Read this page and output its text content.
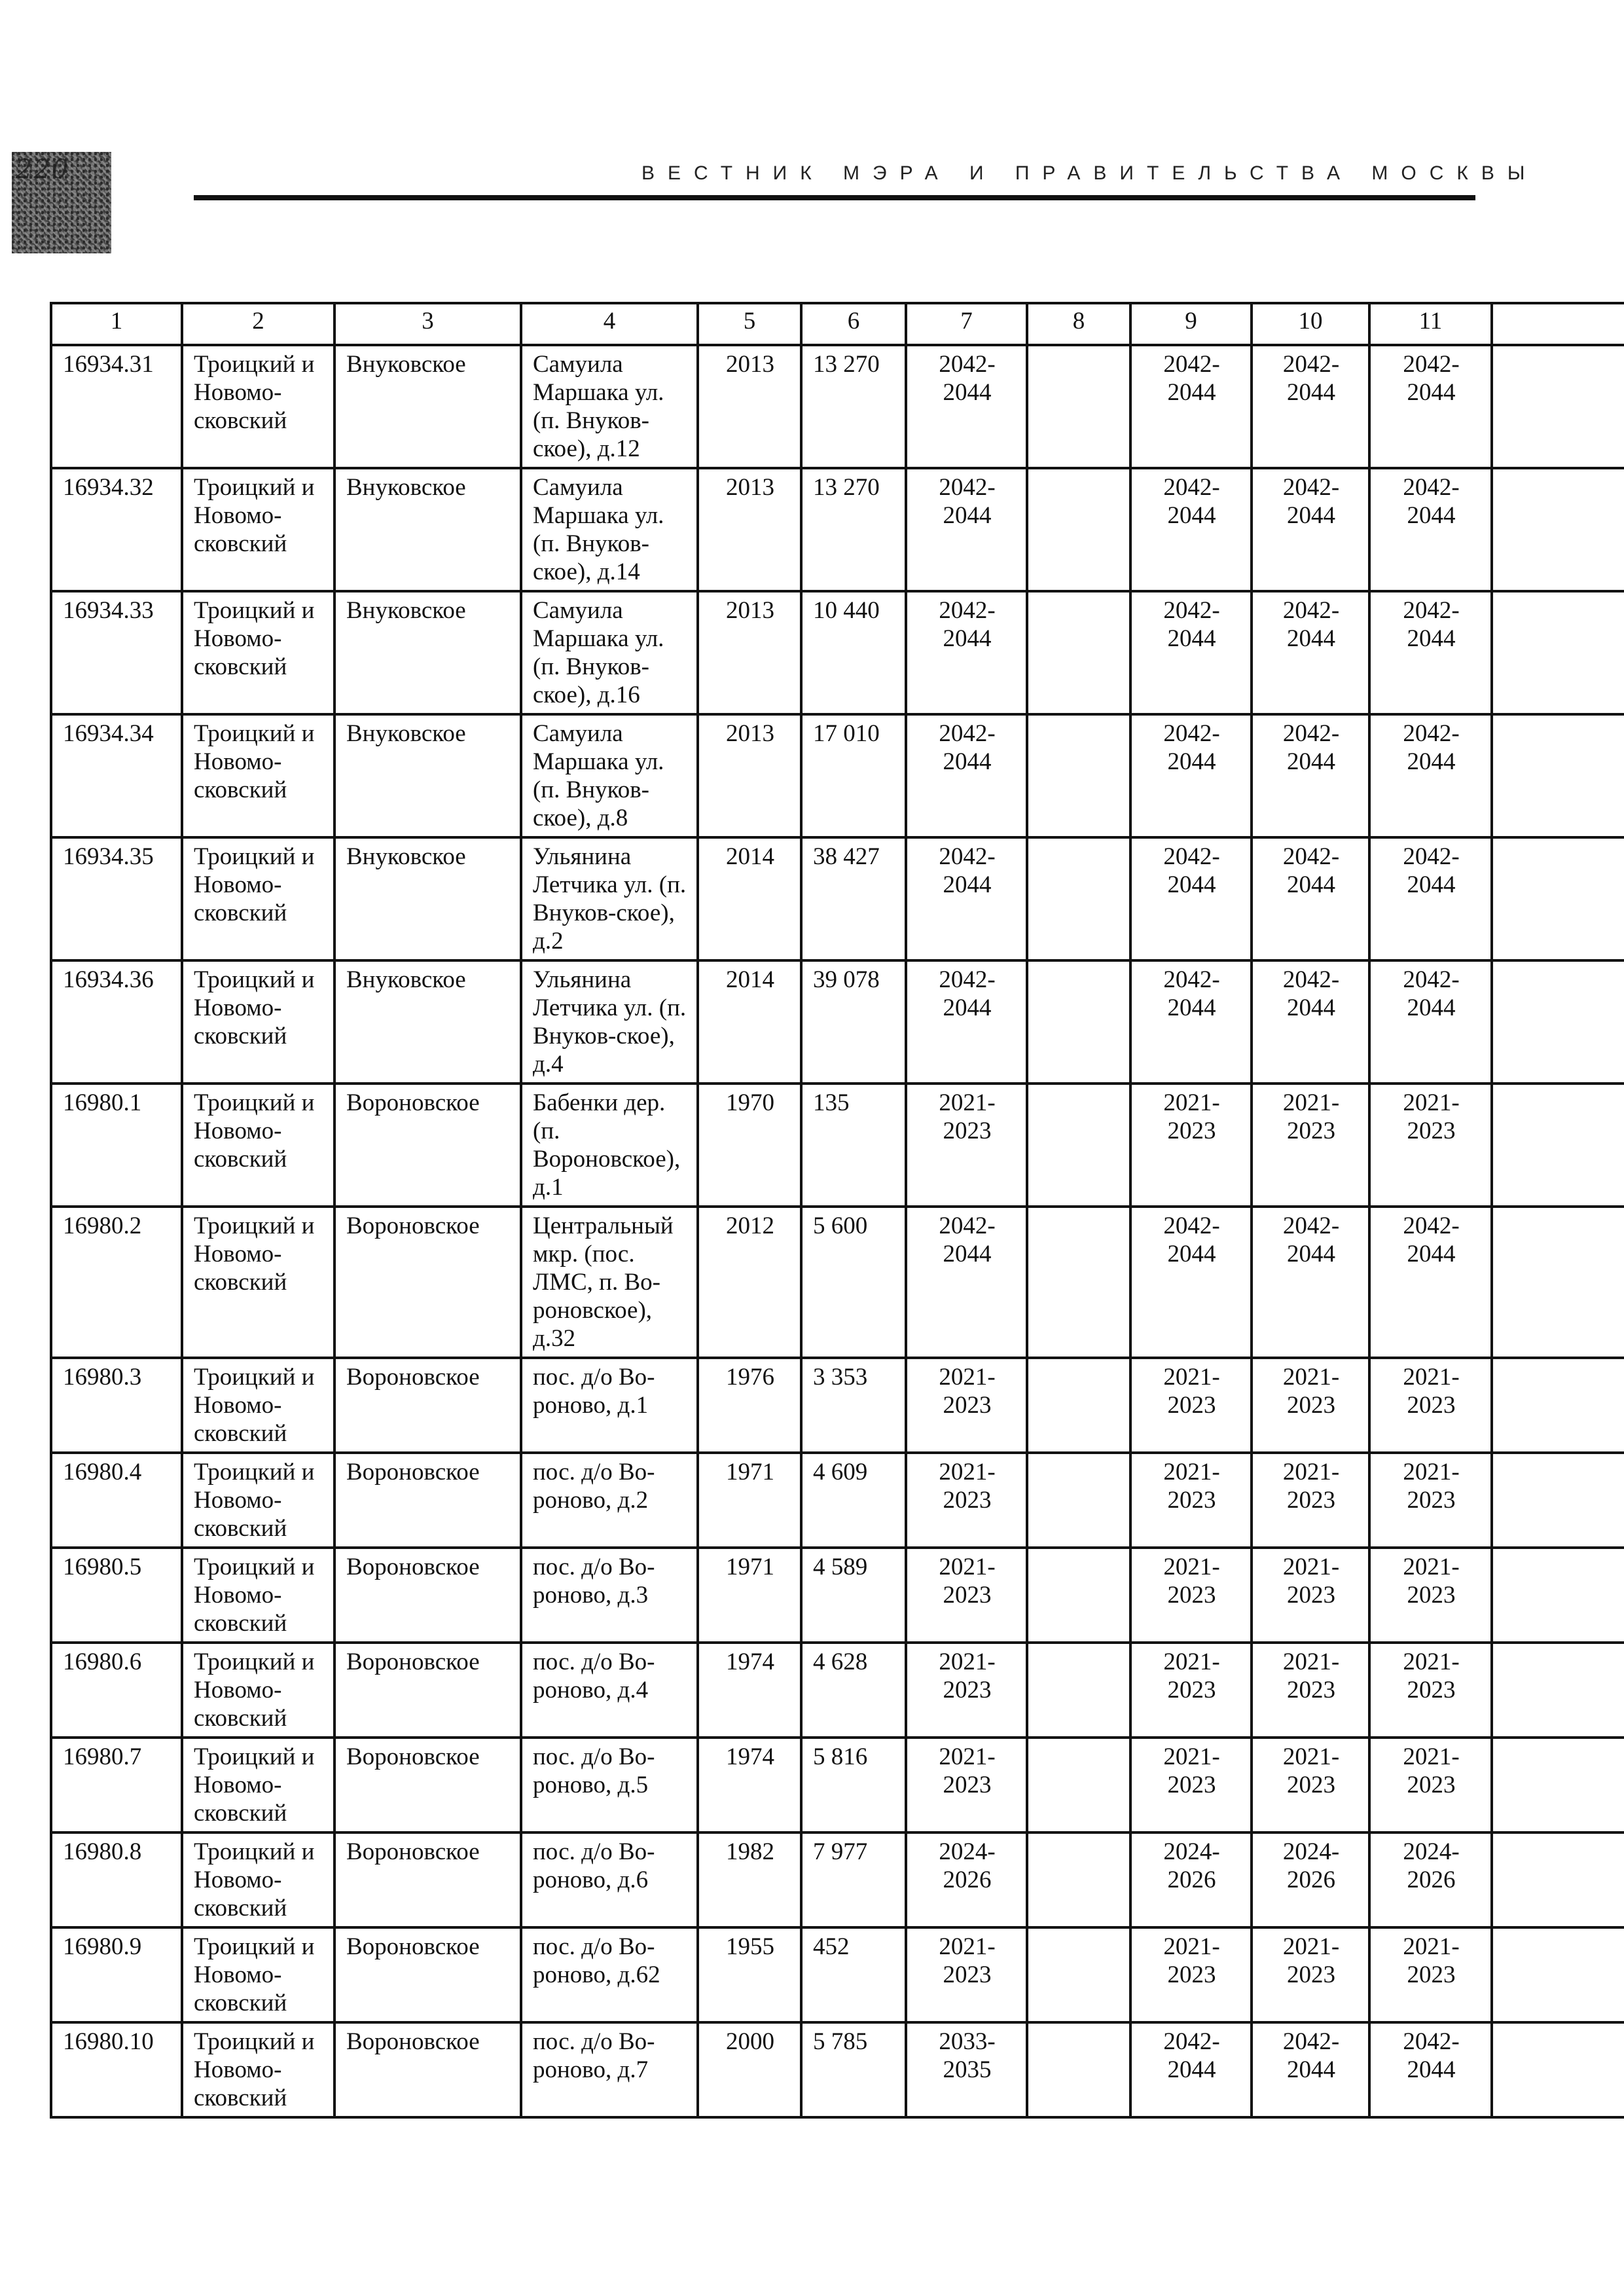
220	ВЕСТНИК МЭРА И ПРАВИТЕЛЬСТВА МОСКВЫ
1	2	3	4	5	6	7	8	9	10	11	
16934.31	Троицкий и Новомо-сковский	Внуковское	Самуила Маршака ул. (п. Внуков-ское), д.12	2013	13 270	2042-2044		2042-2044	2042-2044	2042-2044	
16934.32	Троицкий и Новомо-сковский	Внуковское	Самуила Маршака ул. (п. Внуков-ское), д.14	2013	13 270	2042-2044		2042-2044	2042-2044	2042-2044	
16934.33	Троицкий и Новомо-сковский	Внуковское	Самуила Маршака ул. (п. Внуков-ское), д.16	2013	10 440	2042-2044		2042-2044	2042-2044	2042-2044	
16934.34	Троицкий и Новомо-сковский	Внуковское	Самуила Маршака ул. (п. Внуков-ское), д.8	2013	17 010	2042-2044		2042-2044	2042-2044	2042-2044	
16934.35	Троицкий и Новомо-сковский	Внуковское	Ульянина Летчика ул. (п. Внуков-ское), д.2	2014	38 427	2042-2044		2042-2044	2042-2044	2042-2044	
16934.36	Троицкий и Новомо-сковский	Внуковское	Ульянина Летчика ул. (п. Внуков-ское), д.4	2014	39 078	2042-2044		2042-2044	2042-2044	2042-2044	
16980.1	Троицкий и Новомо-сковский	Вороновское	Бабенки дер. (п. Вороновское), д.1	1970	135	2021-2023		2021-2023	2021-2023	2021-2023	
16980.2	Троицкий и Новомо-сковский	Вороновское	Центральный мкр. (пос. ЛМС, п. Во-роновское), д.32	2012	5 600	2042-2044		2042-2044	2042-2044	2042-2044	
16980.3	Троицкий и Новомо-сковский	Вороновское	пос. д/о Во-роново, д.1	1976	3 353	2021-2023		2021-2023	2021-2023	2021-2023	
16980.4	Троицкий и Новомо-сковский	Вороновское	пос. д/о Во-роново, д.2	1971	4 609	2021-2023		2021-2023	2021-2023	2021-2023	
16980.5	Троицкий и Новомо-сковский	Вороновское	пос. д/о Во-роново, д.3	1971	4 589	2021-2023		2021-2023	2021-2023	2021-2023	
16980.6	Троицкий и Новомо-сковский	Вороновское	пос. д/о Во-роново, д.4	1974	4 628	2021-2023		2021-2023	2021-2023	2021-2023	
16980.7	Троицкий и Новомо-сковский	Вороновское	пос. д/о Во-роново, д.5	1974	5 816	2021-2023		2021-2023	2021-2023	2021-2023	
16980.8	Троицкий и Новомо-сковский	Вороновское	пос. д/о Во-роново, д.6	1982	7 977	2024-2026		2024-2026	2024-2026	2024-2026	
16980.9	Троицкий и Новомо-сковский	Вороновское	пос. д/о Во-роново, д.62	1955	452	2021-2023		2021-2023	2021-2023	2021-2023	
16980.10	Троицкий и Новомо-сковский	Вороновское	пос. д/о Во-роново, д.7	2000	5 785	2033-2035		2042-2044	2042-2044	2042-2044	
